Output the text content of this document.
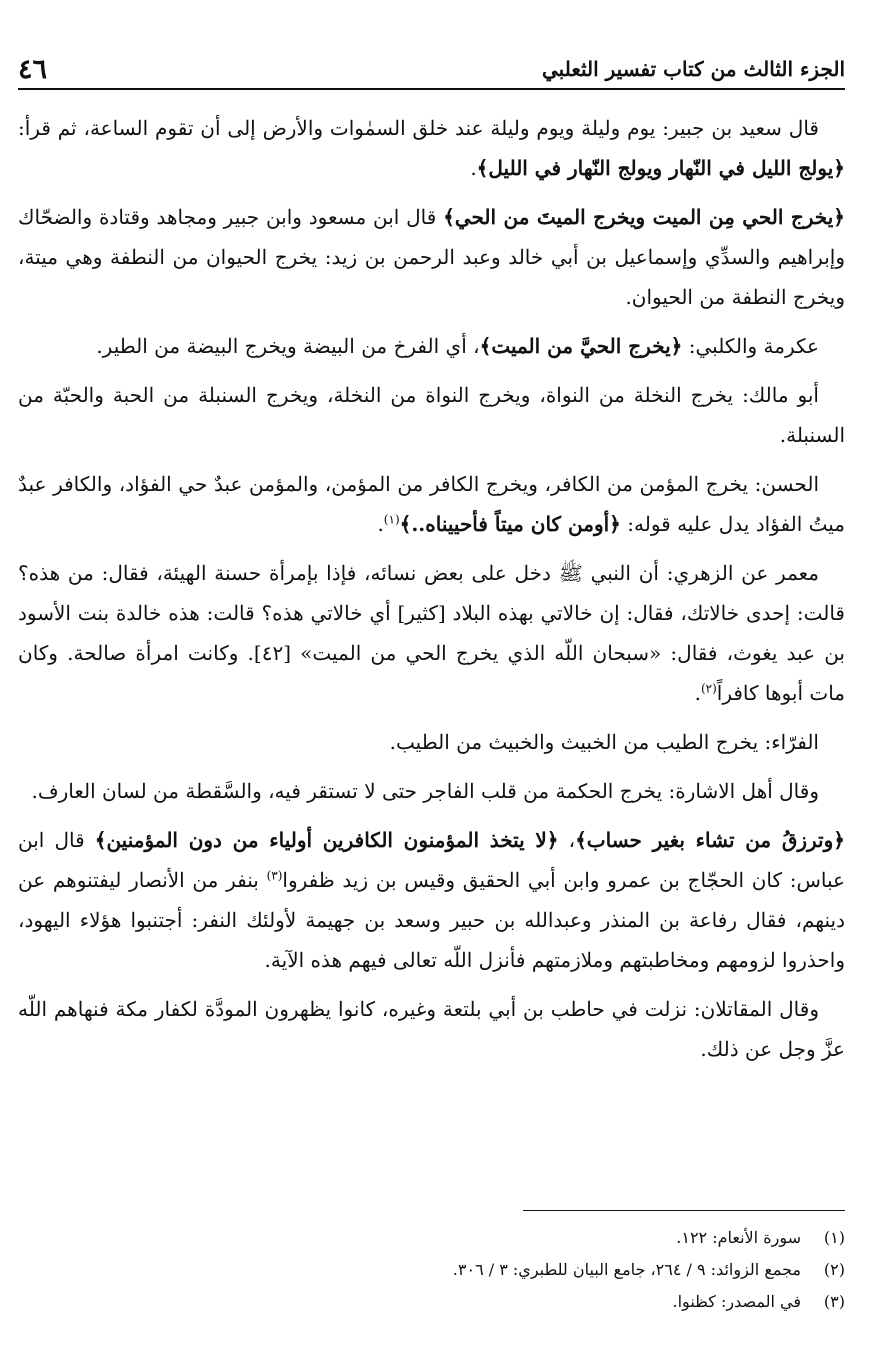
الجزء الثالث من كتاب تفسير الثعلبي
٤٦

قال سعيد بن جبير: يوم وليلة ويوم وليلة عند خلق السمٰوات والأرض إلى أن تقوم الساعة، ثم قرأ: ﴿يولج الليل في النّهار ويولج النّهار في الليل﴾.

﴿يخرج الحي مِن الميت ويخرج الميتَ من الحي﴾ قال ابن مسعود وابن جبير ومجاهد وقتادة والضحّاك وإبراهيم والسدِّي وإسماعيل بن أبي خالد وعبد الرحمن بن زيد: يخرج الحيوان من النطفة وهي ميتة، ويخرج النطفة من الحيوان.

عكرمة والكلبي: ﴿يخرج الحيَّ من الميت﴾، أي الفرخ من البيضة ويخرج البيضة من الطير.

أبو مالك: يخرج النخلة من النواة، ويخرج النواة من النخلة، ويخرج السنبلة من الحبة والحبّة من السنبلة.

الحسن: يخرج المؤمن من الكافر، ويخرج الكافر من المؤمن، والمؤمن عبدٌ حي الفؤاد، والكافر عبدٌ ميتُ الفؤاد يدل عليه قوله: ﴿أومن كان ميتاً فأحييناه..﴾$^{(١)}$.

معمر عن الزهري: أن النبي ﷺ دخل على بعض نسائه، فإذا بإمرأة حسنة الهيئة، فقال: من هذه؟ قالت: إحدى خالاتك، فقال: إن خالاتي بهذه البلاد [كثير] أي خالاتي هذه؟ قالت: هذه خالدة بنت الأسود بن عبد يغوث، فقال: «سبحان اللّه الذي يخرج الحي من الميت» [٤٢]. وكانت امرأة صالحة. وكان مات أبوها كافراً$^{(٢)}$.

الفرّاء: يخرج الطيب من الخبيث والخبيث من الطيب.

وقال أهل الاشارة: يخرج الحكمة من قلب الفاجر حتى لا تستقر فيه، والسَّقطة من لسان العارف.

﴿وترزقُ من تشاء بغير حساب﴾، ﴿لا يتخذ المؤمنون الكافرين أولياء من دون المؤمنين﴾ قال ابن عباس: كان الحجّاج بن عمرو وابن أبي الحقيق وقيس بن زيد ظفروا$^{(٣)}$ بنفر من الأنصار ليفتنوهم عن دينهم، فقال رفاعة بن المنذر وعبدالله بن حبير وسعد بن جهيمة لأولئك النفر: أجتنبوا هؤلاء اليهود، واحذروا لزومهم ومخاطبتهم وملازمتهم فأنزل اللّه تعالى فيهم هذه الآية.

وقال المقاتلان: نزلت في حاطب بن أبي بلتعة وغيره، كانوا يظهرون المودَّة لكفار مكة فنهاهم اللّه عزَّ وجل عن ذلك.

(١)
سورة الأنعام: ١٢٢.
(٢)
مجمع الزوائد: ٩ / ٢٦٤، جامع البيان للطبري: ٣ / ٣٠٦.
(٣)
في المصدر: كظنوا.
